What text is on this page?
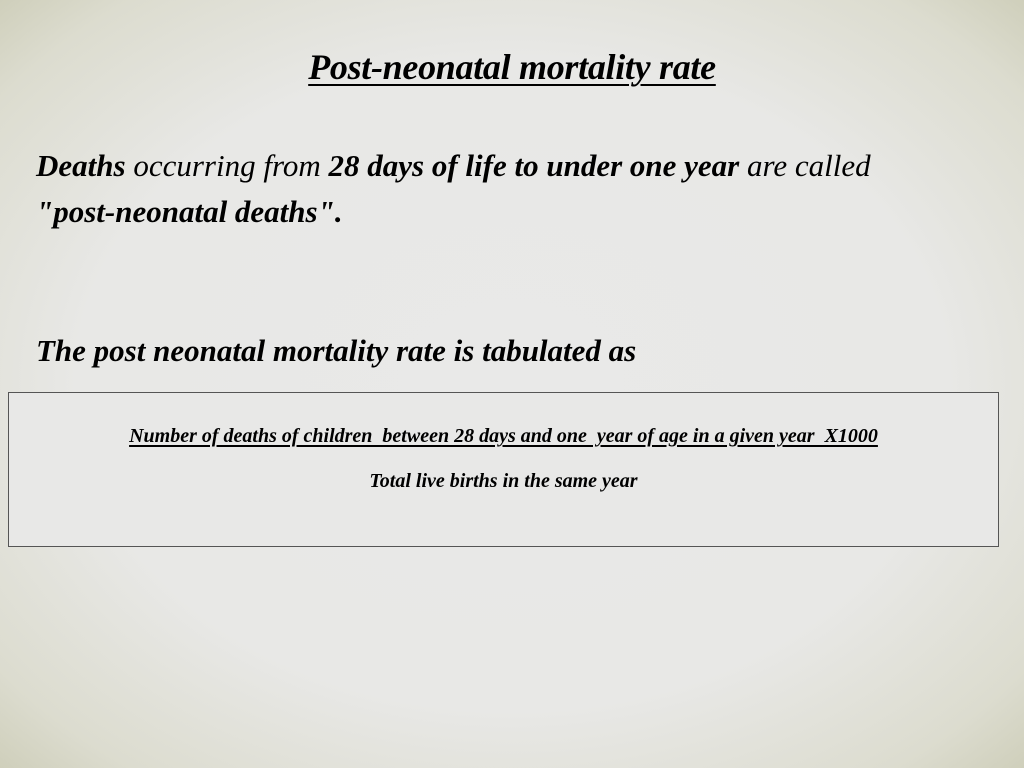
Post-neonatal mortality rate

Deaths occurring from 28 days of life to under one year are called
"post-neonatal deaths".

The post neonatal mortality rate is tabulated as

Number of deaths of children  between 28 days and one  year of age in a given year  X1000
Total live births in the same year
